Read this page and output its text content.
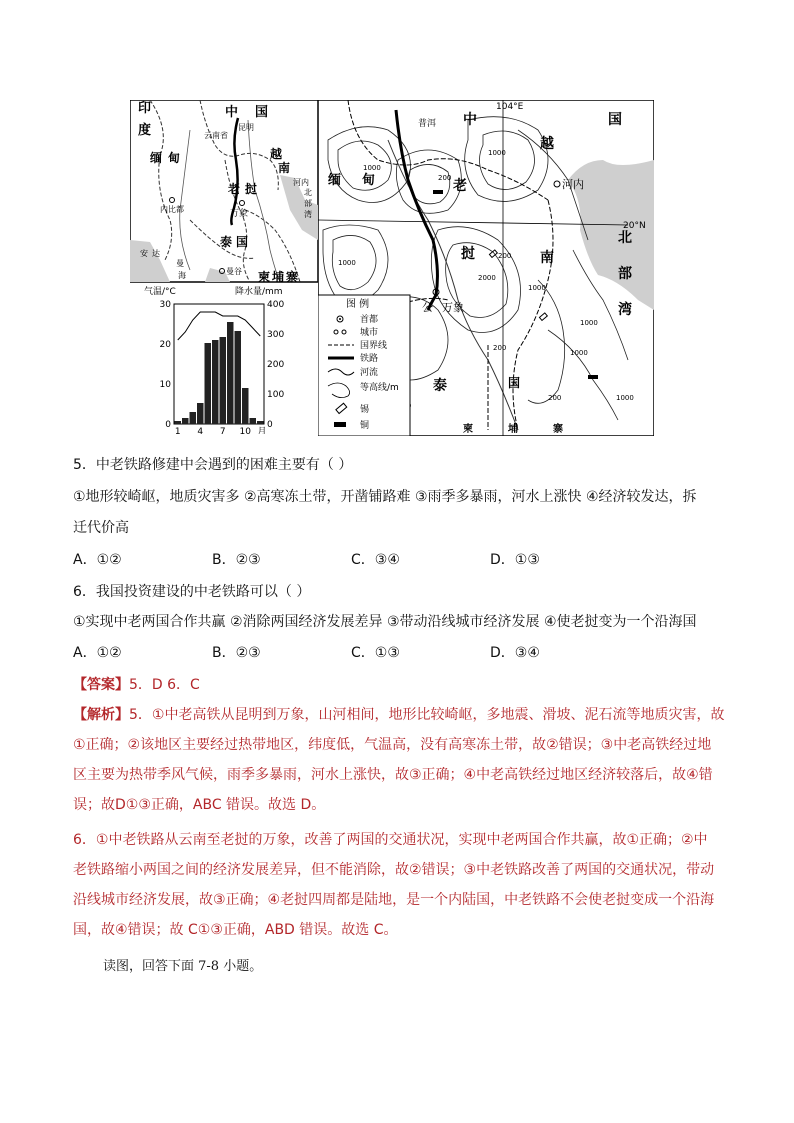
印
度
缅 甸
中 国
越
南
老 挝
泰 国
柬 埔 寨
云南省
昆明
河内
内比都	万象
曼谷
北
部
湾
安 达
曼
海
气温/°C	降水量/mm
30
20
10
0
400
300
200
100
0
1 4 7 10 月
104°E
20°N
中	国
越
南
缅 甸	老
挝
泰	国
柬	埔	寨
北
部
湾
普洱
河内
万象
公
1000
200
1000
2000
1000
200
1000
1000
1000
200
200
1000
图 例
首都
城市
国界线
铁路
河流
等高线/m
锡
铜
5．中老铁路修建中会遇到的困难主要有（ ）
①地形较崎岖，地质灾害多 ②高寒冻土带，开凿铺路难 ③雨季多暴雨，河水上涨快 ④经济较发达，拆
迁代价高
A．①②	B．②③	C．③④	D．①③
6．我国投资建设的中老铁路可以（ ）
①实现中老两国合作共赢 ②消除两国经济发展差异 ③带动沿线城市经济发展 ④使老挝变为一个沿海国
A．①②	B．②③	C．①③	D．③④
【答案】5．D 6．C
【解析】5．①中老高铁从昆明到万象，山河相间，地形比较崎岖，多地震、滑坡、泥石流等地质灾害，故
①正确；②该地区主要经过热带地区，纬度低，气温高，没有高寒冻土带，故②错误；③中老高铁经过地
区主要为热带季风气候，雨季多暴雨，河水上涨快，故③正确；④中老高铁经过地区经济较落后，故④错
误；故D①③正确，ABC 错误。故选 D。
6．①中老铁路从云南至老挝的万象，改善了两国的交通状况，实现中老两国合作共赢，故①正确；②中
老铁路缩小两国之间的经济发展差异，但不能消除，故②错误；③中老铁路改善了两国的交通状况，带动
沿线城市经济发展，故③正确；④老挝四周都是陆地，是一个内陆国，中老铁路不会使老挝变成一个沿海
国，故④错误；故 C①③正确，ABD 错误。故选 C。
读图，回答下面 7-8 小题。
